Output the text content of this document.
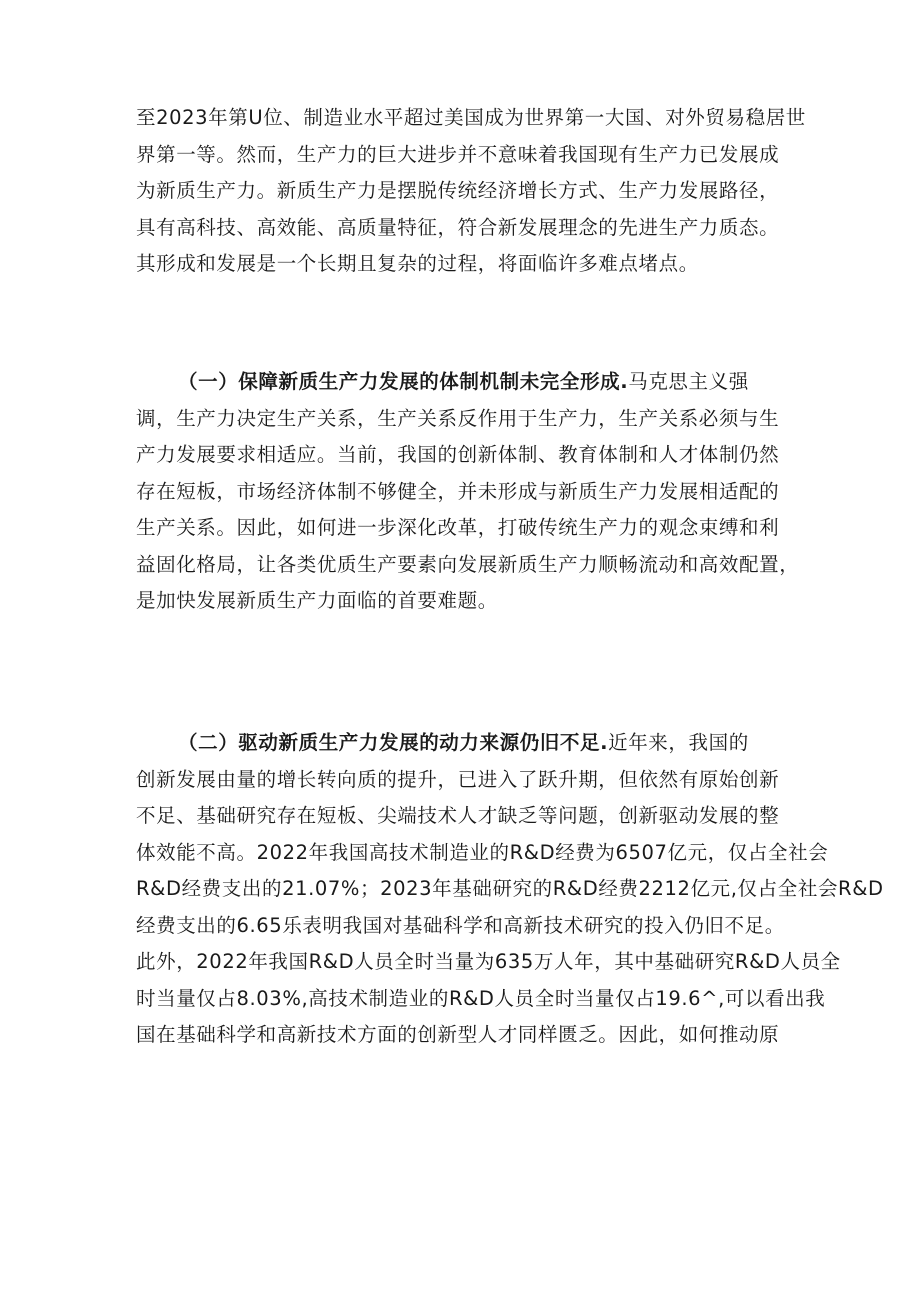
至2023年第U位、制造业水平超过美国成为世界第一大国、对外贸易稳居世
界第一等。然而，生产力的巨大进步并不意味着我国现有生产力已发展成
为新质生产力。新质生产力是摆脱传统经济增长方式、生产力发展路径，
具有高科技、高效能、高质量特征，符合新发展理念的先进生产力质态。
其形成和发展是一个长期且复杂的过程，将面临许多难点堵点。
（一）保障新质生产力发展的体制机制未完全形成.马克思主义强
调，生产力决定生产关系，生产关系反作用于生产力，生产关系必须与生
产力发展要求相适应。当前，我国的创新体制、教育体制和人才体制仍然
存在短板，市场经济体制不够健全，并未形成与新质生产力发展相适配的
生产关系。因此，如何进一步深化改革，打破传统生产力的观念束缚和利
益固化格局，让各类优质生产要素向发展新质生产力顺畅流动和高效配置，
是加快发展新质生产力面临的首要难题。
（二）驱动新质生产力发展的动力来源仍旧不足.近年来，我国的
创新发展由量的增长转向质的提升，已进入了跃升期，但依然有原始创新
不足、基础研究存在短板、尖端技术人才缺乏等问题，创新驱动发展的整
体效能不高。2022年我国高技术制造业的R&D经费为6507亿元，仅占全社会
R&D经费支出的21.07%；2023年基础研究的R&D经费2212亿元,仅占全社会R&D
经费支出的6.65乐表明我国对基础科学和高新技术研究的投入仍旧不足。
此外，2022年我国R&D人员全时当量为635万人年，其中基础研究R&D人员全
时当量仅占8.03%,高技术制造业的R&D人员全时当量仅占19.6^,可以看出我
国在基础科学和高新技术方面的创新型人才同样匮乏。因此，如何推动原
